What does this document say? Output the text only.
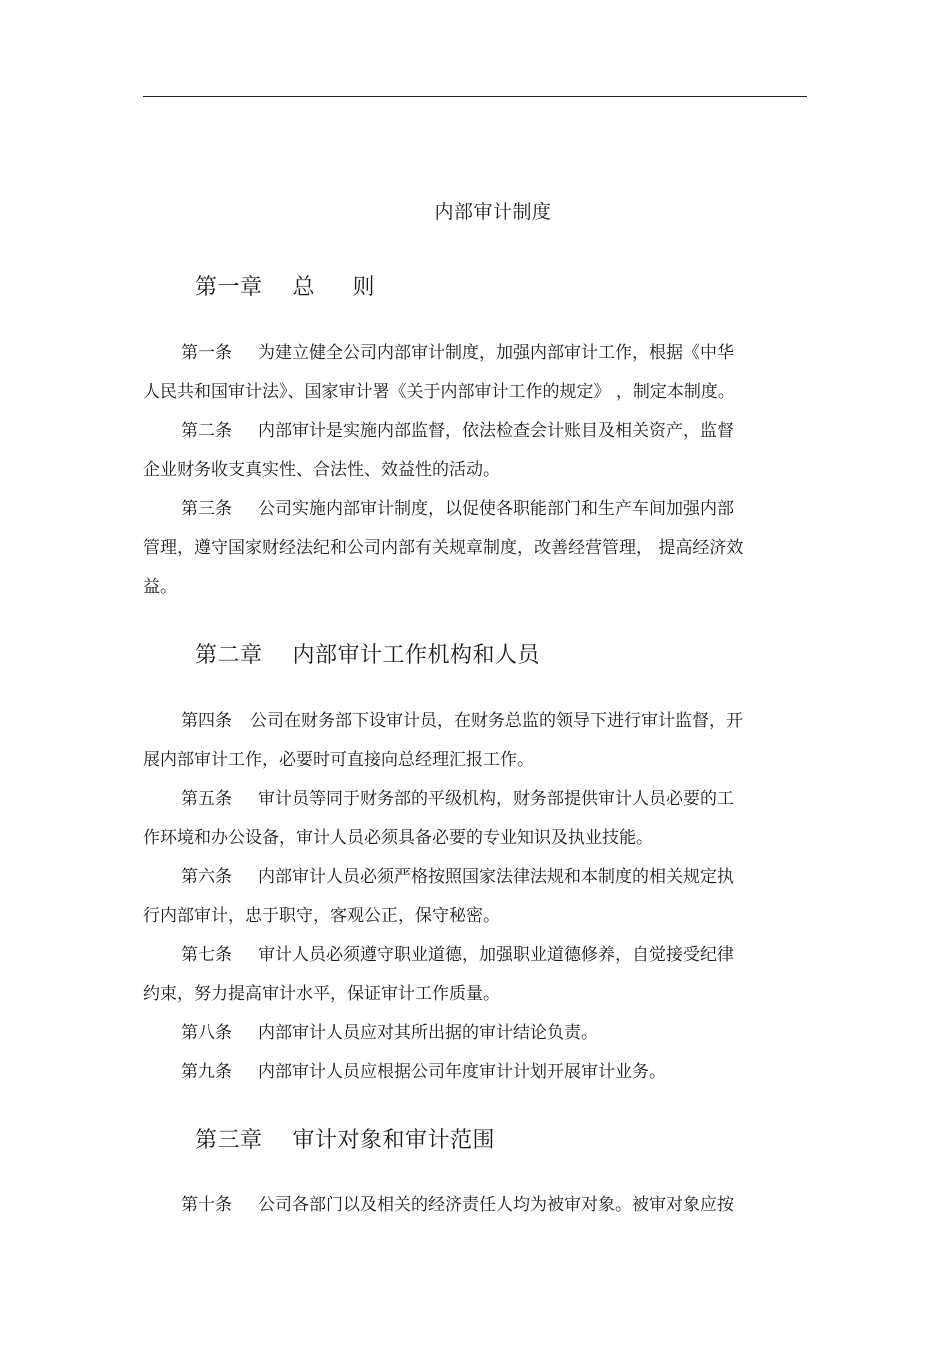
内部审计制度
第一章    总     则
第一条 为建立健全公司内部审计制度，加强内部审计工作，根据《中华
人民共和国审计法》、国家审计署《关于内部审计工作的规定》 ，制定本制度。
第二条 内部审计是实施内部监督，依法检查会计账目及相关资产，监督
企业财务收支真实性、合法性、效益性的活动。
第三条 公司实施内部审计制度，以促使各职能部门和生产车间加强内部
管理，遵守国家财经法纪和公司内部有关规章制度，改善经营管理， 提高经济效
益。
第二章    内部审计工作机构和人员
第四条 公司在财务部下设审计员，在财务总监的领导下进行审计监督，开
展内部审计工作，必要时可直接向总经理汇报工作。
第五条 审计员等同于财务部的平级机构，财务部提供审计人员必要的工
作环境和办公设备，审计人员必须具备必要的专业知识及执业技能。
第六条 内部审计人员必须严格按照国家法律法规和本制度的相关规定执
行内部审计，忠于职守，客观公正，保守秘密。
第七条 审计人员必须遵守职业道德，加强职业道德修养，自觉接受纪律
约束，努力提高审计水平，保证审计工作质量。
第八条 内部审计人员应对其所出据的审计结论负责。
第九条 内部审计人员应根据公司年度审计计划开展审计业务。
第三章    审计对象和审计范围
第十条 公司各部门以及相关的经济责任人均为被审对象。被审对象应按
